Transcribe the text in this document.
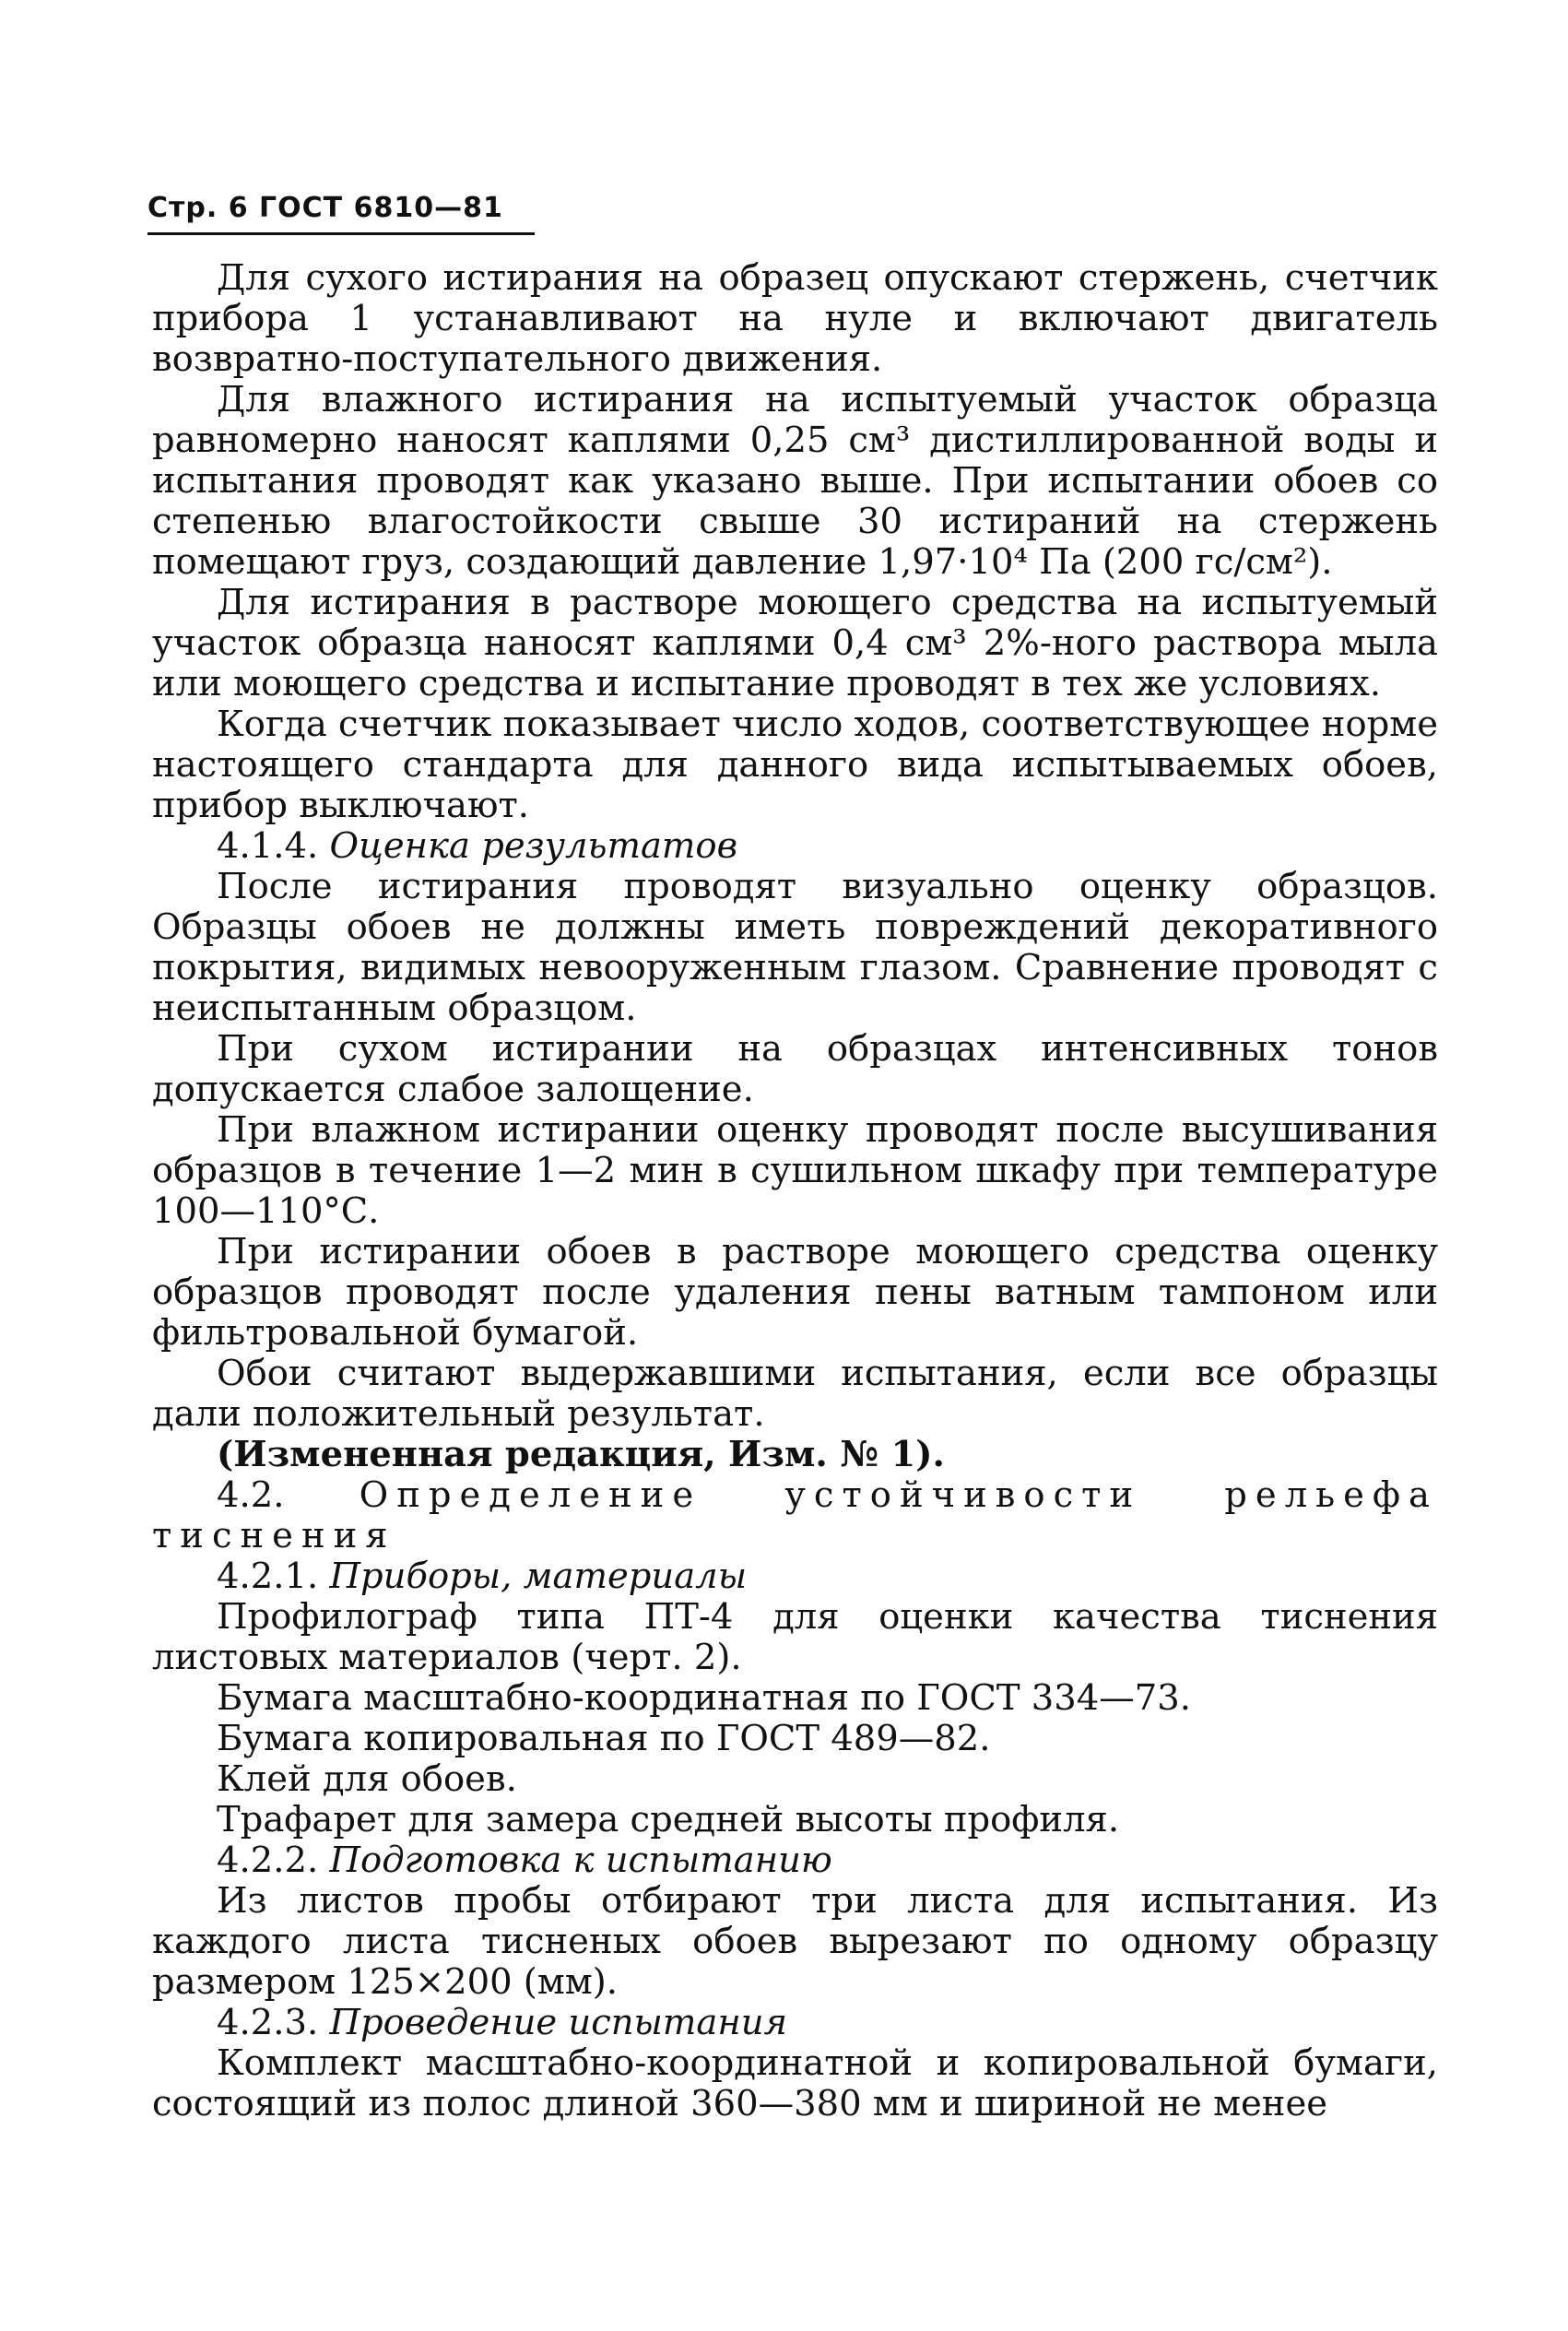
Стр. 6 ГОСТ 6810—81

Для сухого истирания на образец опускают стержень, счетчик прибора 1 устанавливают на нуле и включают двигатель возвратно-поступательного движения.

Для влажного истирания на испытуемый участок образца равномерно наносят каплями 0,25 см³ дистиллированной воды и испытания проводят как указано выше. При испытании обоев со степенью влагостойкости свыше 30 истираний на стержень помещают груз, создающий давление 1,97·10⁴ Па (200 гс/см²).

Для истирания в растворе моющего средства на испытуемый участок образца наносят каплями 0,4 см³ 2%-ного раствора мыла или моющего средства и испытание проводят в тех же условиях.

Когда счетчик показывает число ходов, соответствующее норме настоящего стандарта для данного вида испытываемых обоев, прибор выключают.

4.1.4. Оценка результатов

После истирания проводят визуально оценку образцов. Образцы обоев не должны иметь повреждений декоративного покрытия, видимых невооруженным глазом. Сравнение проводят с неиспытанным образцом.

При сухом истирании на образцах интенсивных тонов допускается слабое залощение.

При влажном истирании оценку проводят после высушивания образцов в течение 1—2 мин в сушильном шкафу при температуре 100—110°С.

При истирании обоев в растворе моющего средства оценку образцов проводят после удаления пены ватным тампоном или фильтровальной бумагой.

Обои считают выдержавшими испытания, если все образцы дали положительный результат.

(Измененная редакция, Изм. № 1).

4.2. Определение устойчивости рельефа тиснения

4.2.1. Приборы, материалы

Профилограф типа ПТ-4 для оценки качества тиснения листовых материалов (черт. 2).

Бумага масштабно-координатная по ГОСТ 334—73.

Бумага копировальная по ГОСТ 489—82.

Клей для обоев.

Трафарет для замера средней высоты профиля.

4.2.2. Подготовка к испытанию

Из листов пробы отбирают три листа для испытания. Из каждого листа тисненых обоев вырезают по одному образцу размером 125×200 (мм).

4.2.3. Проведение испытания

Комплект масштабно-координатной и копировальной бумаги, состоящий из полос длиной 360—380 мм и шириной не менее
